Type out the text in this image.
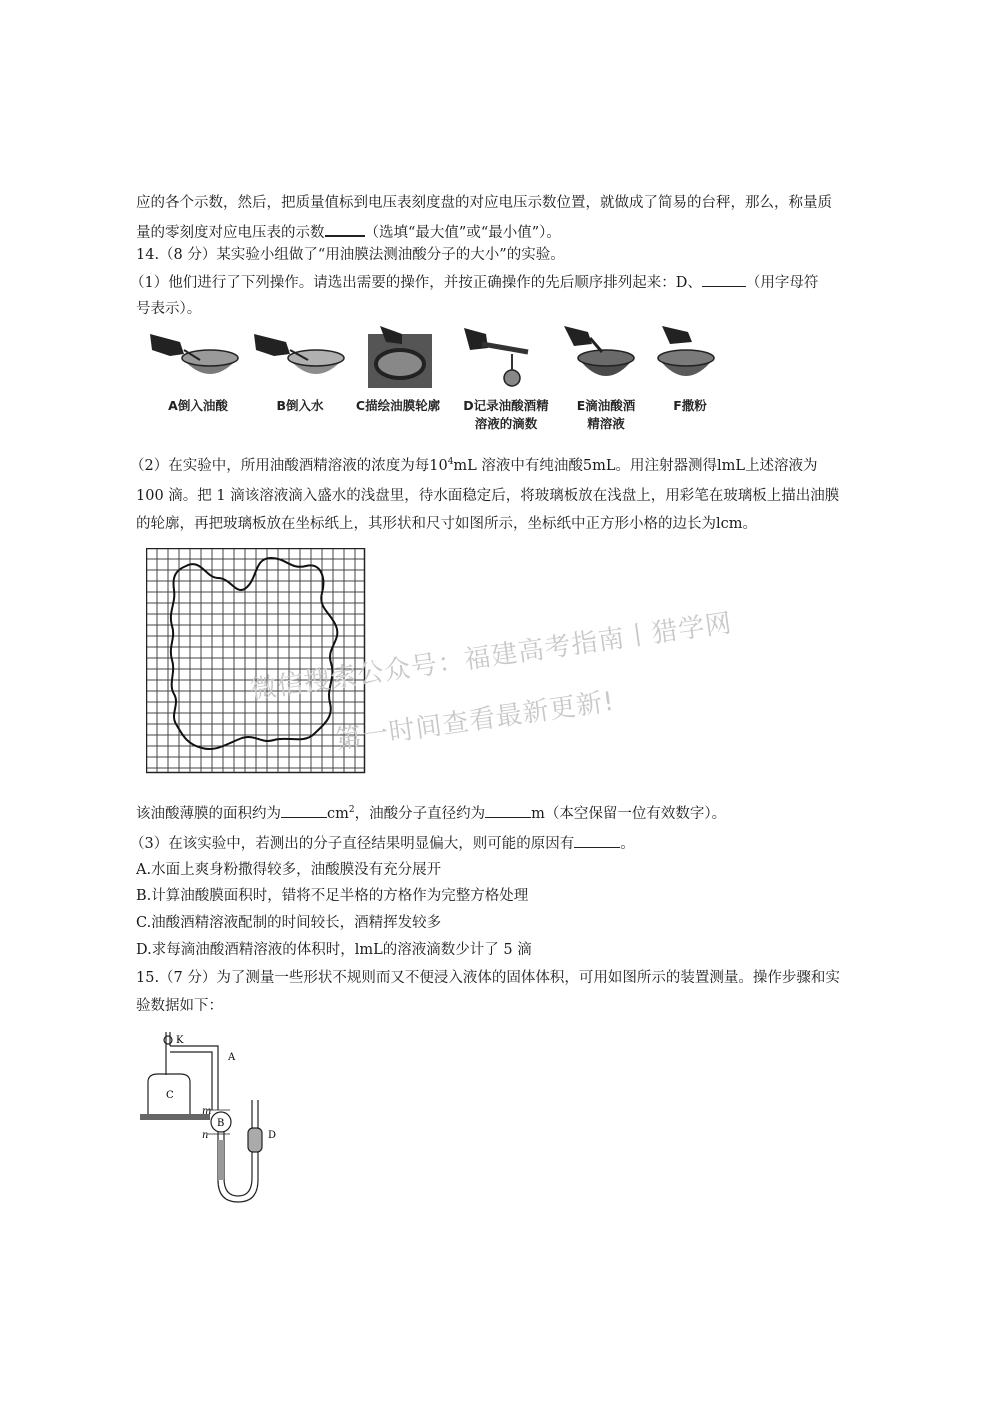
应的各个示数，然后，把质量值标到电压表刻度盘的对应电压示数位置，就做成了简易的台秤，那么，称量质
量的零刻度对应电压表的示数	（选填“最大值”或“最小值”）。
14.（8 分）某实验小组做了“用油膜法测油酸分子的大小”的实验。
（1）他们进行了下列操作。请选出需要的操作，并按正确操作的先后顺序排列起来：D、	（用字母符
号表示）。
A倒入油酸	B倒入水	C描绘油膜轮廓	D记录油酸酒精
溶液的滴数
E滴油酸酒
精溶液
F撒粉
（2）在实验中，所用油酸酒精溶液的浓度为每$10^4mL$ 溶液中有纯油酸5mL。用注射器测得lmL上述溶液为
100 滴。把 1 滴该溶液滴入盛水的浅盘里，待水面稳定后，将玻璃板放在浅盘上，用彩笔在玻璃板上描出油膜
的轮廓，再把玻璃板放在坐标纸上，其形状和尺寸如图所示，坐标纸中正方形小格的边长为lcm。
微信搜索公众号：福建高考指南丨猎学网
第一时间查看最新更新!
该油酸薄膜的面积约为	$cm^2$，油酸分子直径约为	m（本空保留一位有效数字）。
（3）在该实验中，若测出的分子直径结果明显偏大，则可能的原因有	。
A.水面上爽身粉撒得较多，油酸膜没有充分展开
B.计算油酸膜面积时，错将不足半格的方格作为完整方格处理
C.油酸酒精溶液配制的时间较长，酒精挥发较多
D.求每滴油酸酒精溶液的体积时，lmL的溶液滴数少计了 5 滴
15.（7 分）为了测量一些形状不规则而又不便浸入液体的固体体积，可用如图所示的装置测量。操作步骤和实
验数据如下：
K
A
C
m
n
B
D
